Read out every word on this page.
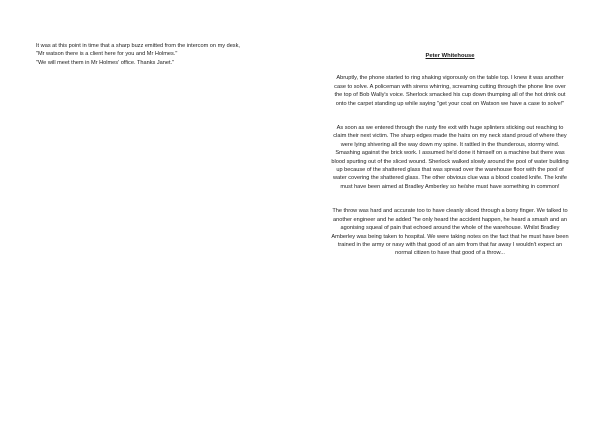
It was at this point in time that a sharp buzz emitted from the intercom on my desk,

"Mr watson there is a client here for you and Mr Holmes."

"We will meet them in Mr Holmes' office. Thanks Janet."

Peter Whitehouse

Abruptly, the phone started to ring shaking vigorously on the table top. I knew it was another case to solve. A policeman with sirens whirring, screaming cutting through the phone line over the top of Bob Wally's voice. Sherlock smacked his cup down thumping all of the hot drink out onto the carpet standing up while saying "get your coat on Watson we have a case to solve!"

As soon as we entered through the rusty fire exit with huge splinters sticking out reaching to claim their next victim. The sharp edges made the hairs on my neck stand proud of where they were lying shivering all the way down my spine. It rattled in the thunderous, stormy wind. Smashing against the brick work. I assumed he'd done it himself on a machine but there was blood spurting out of the sliced wound. Sherlock walked slowly around the pool of water building up because of the shattered glass that was spread over the warehouse floor with the pool of water covering the shattered glass. The other obvious clue was a blood coated knife. The knife must have been aimed at Bradley Amberley so he/she must have something in common!

The throw was hard and accurate too to have cleanly sliced through a bony finger. We talked to another engineer and he added "he only heard the accident happen, he heard a smash and an agonising squeal of pain that echoed around the whole of the warehouse. Whilst Bradley Amberley was being taken to hospital. We were taking notes on the fact that he must have been trained in the army or navy with that good of an aim from that far away I wouldn't expect an normal citizen to have that good of a throw...
